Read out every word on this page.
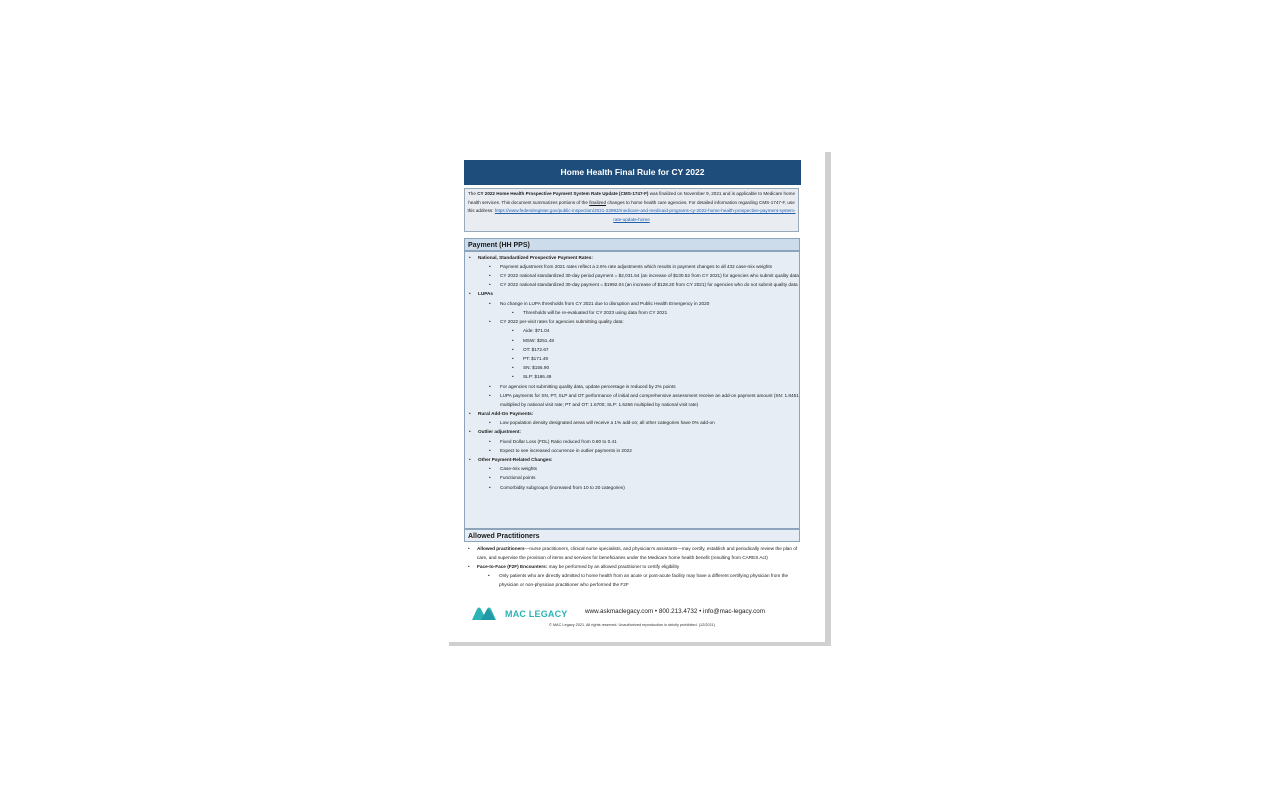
Home Health Final Rule for CY 2022
The CY 2022 Home Health Prospective Payment System Rate Update (CMS-1747-F) was finalized on November 9, 2021 and is applicable to Medicare home health services. This document summarizes portions of the finalized changes to home health care agencies. For detailed information regarding CMS-1747-F, use this address: https://www.federalregister.gov/public-inspection/2021-23993/medicare-and-medicaid-programs-cy-2022-home-health-prospective-payment-system-rate-update-home
Payment (HH PPS)
• National, Standardized Prospective Payment Rates:
• Payment adjustment from 2021 rates reflect a 2.6% rate adjustments which results in payment changes to all 432 case-mix weights
• CY 2022 national standardized 30-day period payment = $2,031.64 (an increase of $130.52 from CY 2021) for agencies who submit quality data
• CY 2022 national standardized 30-day payment = $1992.04 (an increase of $128.20 from CY 2021) for agencies who do not submit quality data
• LUPAs
• No change in LUPA thresholds from CY 2021 due to disruption and Public Health Emergency in 2020
• Thresholds will be re-evaluated for CY 2023 using data from CY 2021
• CY 2022 per-visit rates for agencies submitting quality data:
• Aide: $71.04
• MSW: $251.48
• OT: $172.67
• PT: $171.49
• SN: $156.90
• SLP: $186.49
• For agencies not submitting quality data, update percentage is reduced by 2% points
• LUPA payments for SN, PT, SLP and OT performance of initial and comprehensive assessment receive an add-on payment amount (SN: 1.8451 multiplied by national visit rate; PT and OT: 1.6700; SLP: 1.6266 multiplied by national visit rate)
• Rural Add-On Payments:
• Low population density designated areas will receive a 1% add-on; all other categories have 0% add-on
• Outlier adjustment:
• Fixed Dollar Loss (FDL) Ratio reduced from 0.80 to 0.41
• Expect to see increased occurrence in outlier payments in 2022
• Other Payment-Related Changes:
• Case-mix weights
• Functional points
• Comorbidity subgroups (increased from 10 to 20 categories)
Allowed Practitioners
• Allowed practitioners—nurse practitioners, clinical nurse specialists, and physician's assistants—may certify, establish and periodically review the plan of care, and supervise the provision of items and services for beneficiaries under the Medicare home health benefit (resulting from CARES Act)
• Face-to-Face (F2F) Encounters: may be performed by an allowed practitioner to certify eligibility
• Only patients who are directly admitted to home health from an acute or post-acute facility may have a different certifying physician from the physician or non-physician practitioner who performed the F2F
MAC LEGACY	www.askmaclegacy.com • 800.213.4732 • info@mac-legacy.com
© MAC Legacy 2021. All rights reserved. Unauthorized reproduction is strictly prohibited. (12/2021)
